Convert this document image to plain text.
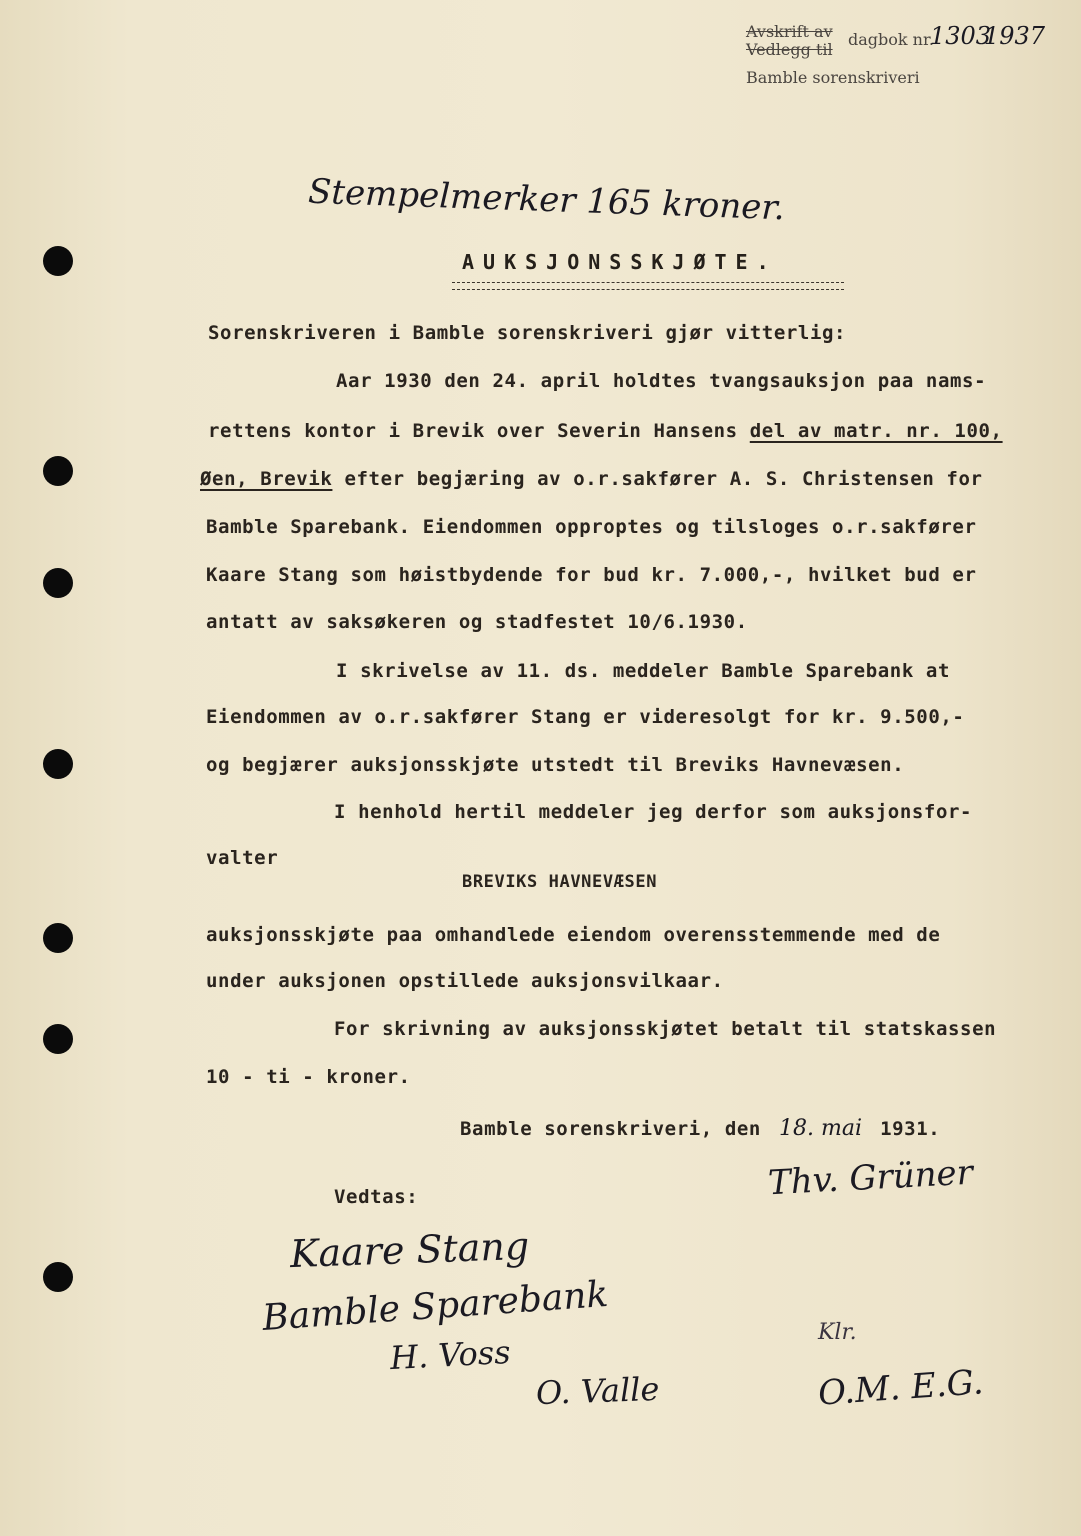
Avskrift av
Vedlegg til
dagbok nr.
1303
1937
Bamble sorenskriveri
Stempelmerker 165 kroner.
AUKSJONSSKJØTE.
Sorenskriveren i Bamble sorenskriveri gjør vitterlig:
Aar 1930 den 24. april holdtes tvangsauksjon paa nams-
rettens kontor i Brevik over Severin Hansens del av matr. nr. 100,
Øen, Brevik efter begjæring av o.r.sakfører A. S. Christensen for
Bamble Sparebank. Eiendommen opproptes og tilsloges o.r.sakfører
Kaare Stang som høistbydende for bud kr. 7.000,-, hvilket bud er
antatt av saksøkeren og stadfestet 10/6.1930.
I skrivelse av 11. ds. meddeler Bamble Sparebank at
Eiendommen av o.r.sakfører Stang er videresolgt for kr. 9.500,-
og begjærer auksjonsskjøte utstedt til Breviks Havnevæsen.
I henhold hertil meddeler jeg derfor som auksjonsfor-
valter
BREVIKS HAVNEVÆSEN
auksjonsskjøte paa omhandlede eiendom overensstemmende med de
under auksjonen opstillede auksjonsvilkaar.
For skrivning av auksjonsskjøtet betalt til statskassen
10 - ti - kroner.
Bamble sorenskriveri, den 18. mai 1931.
Thv. Grüner
Vedtas:
Kaare Stang
Bamble Sparebank
H. Voss
O. Valle
Klr.
O.M. E.G.
